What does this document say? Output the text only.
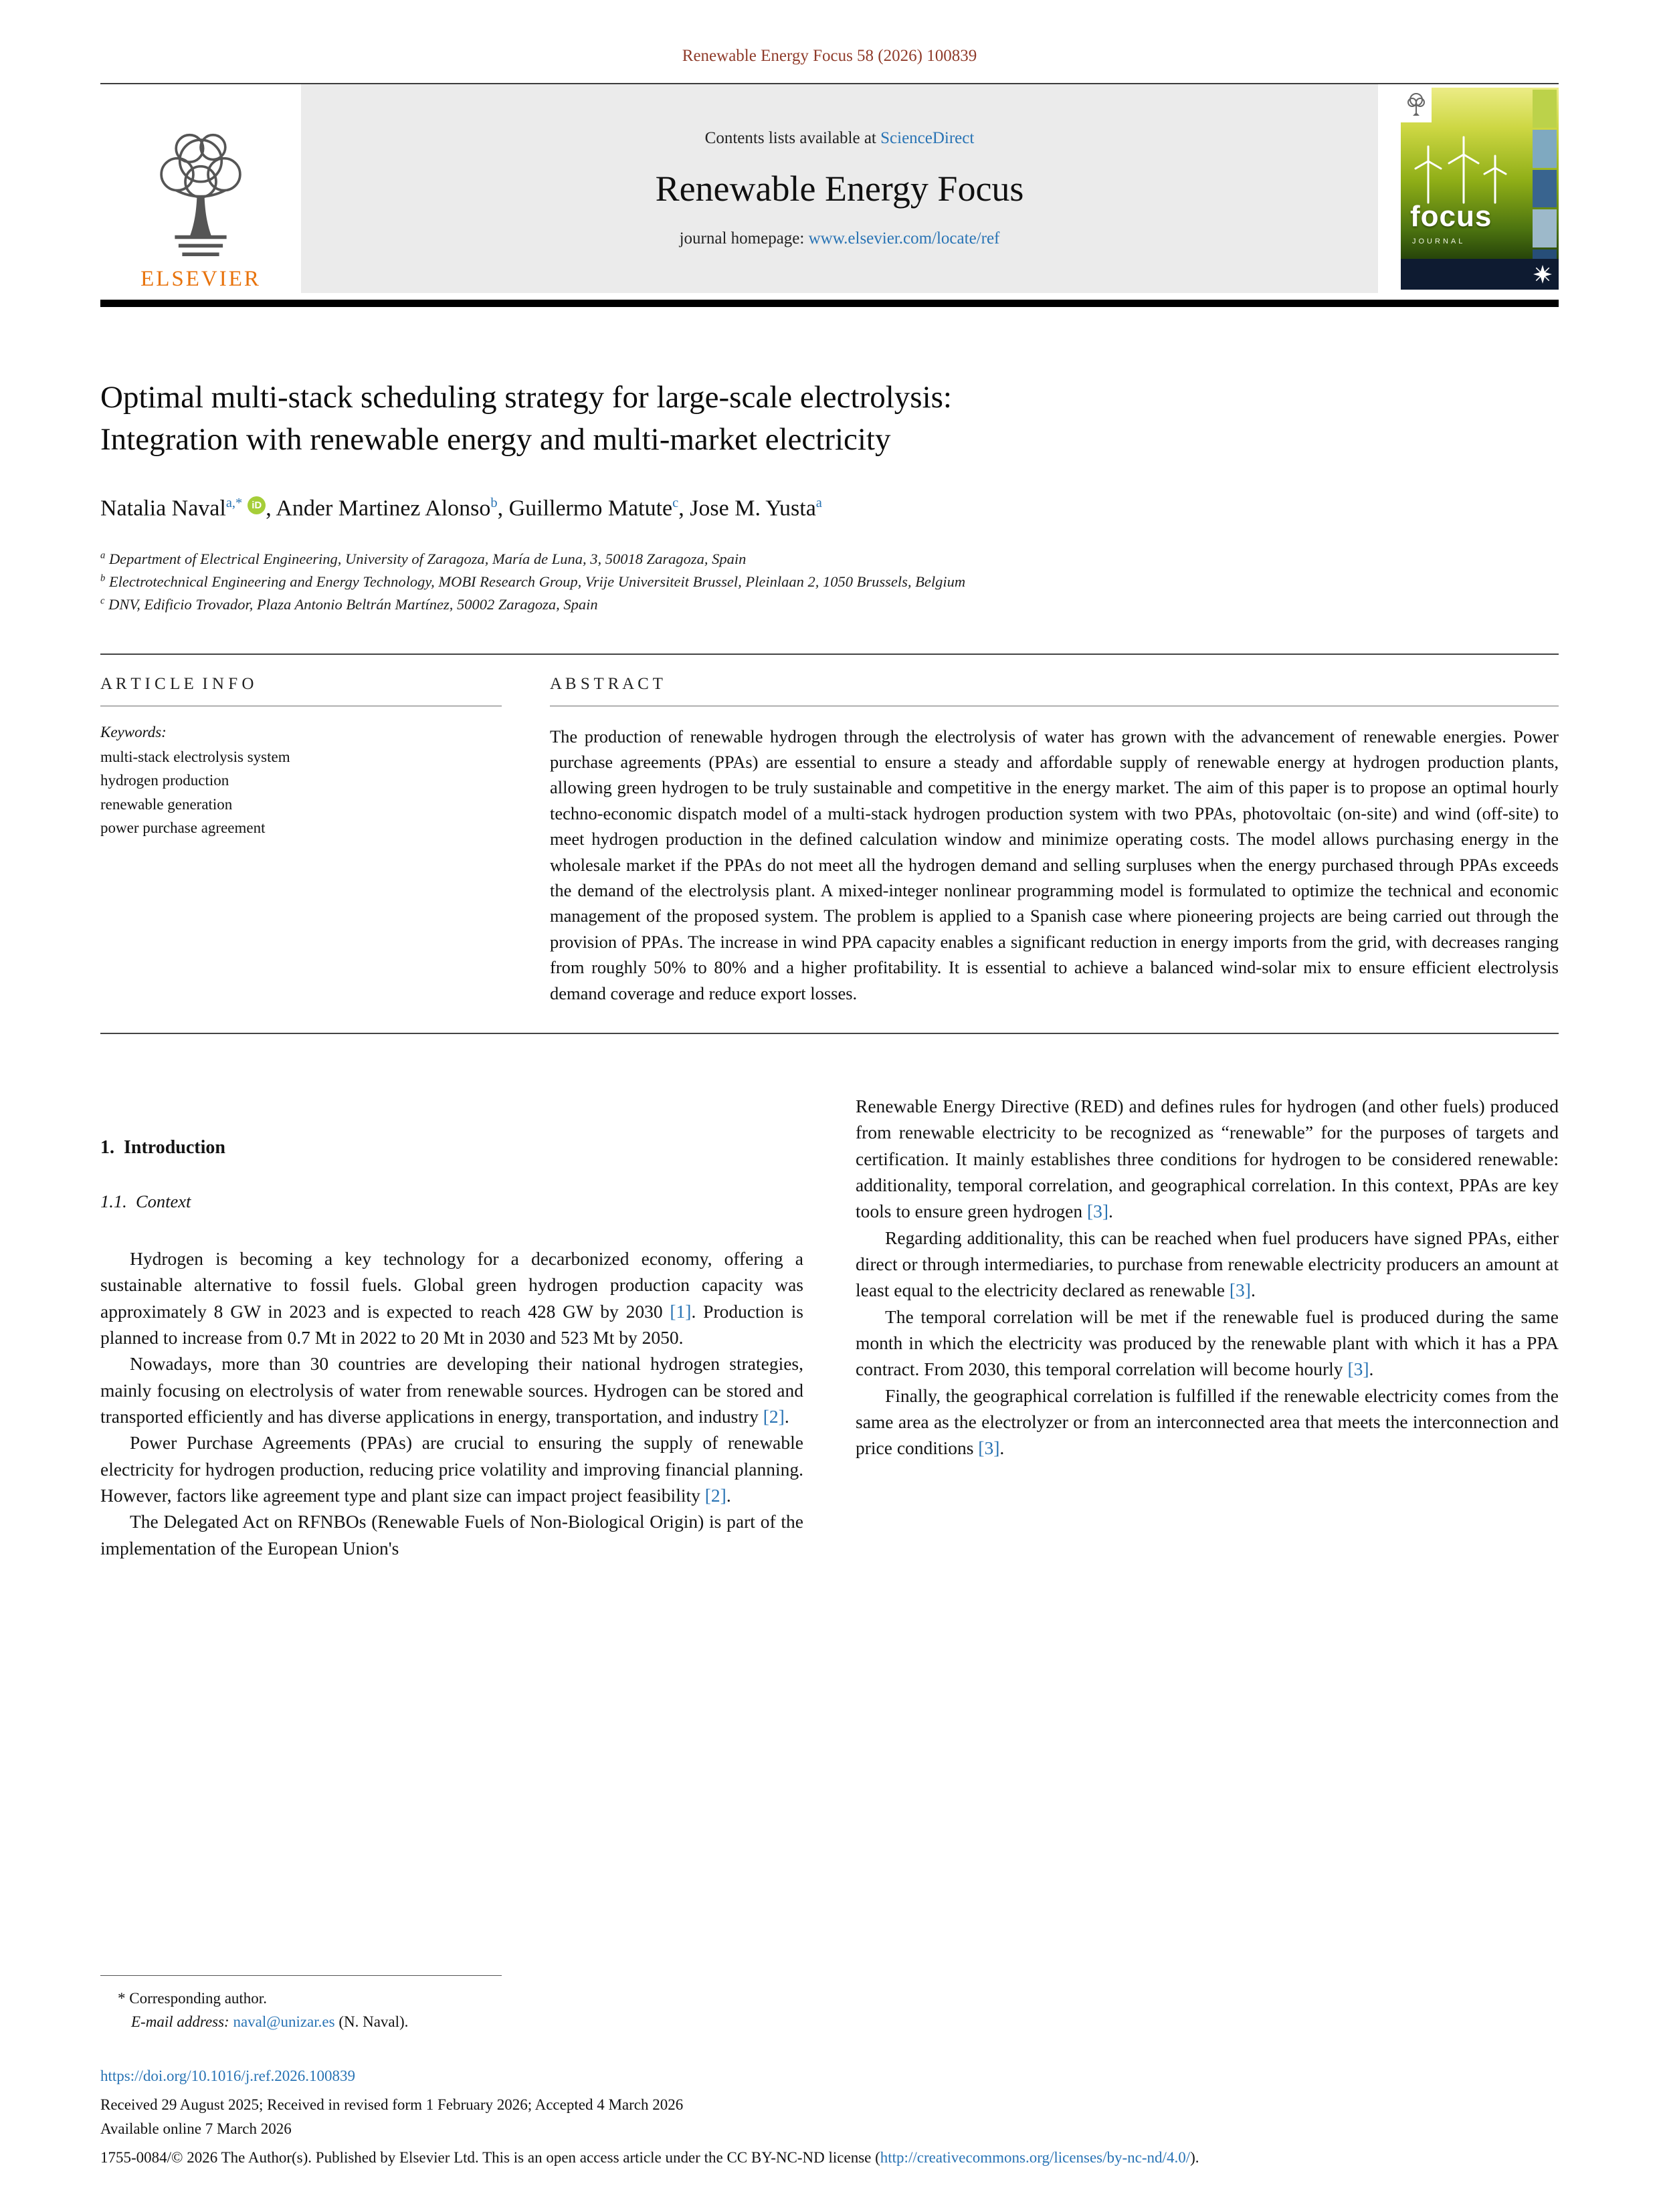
Renewable Energy Focus 58 (2026) 100839
ELSEVIER
Contents lists available at ScienceDirect
Renewable Energy Focus
journal homepage: www.elsevier.com/locate/ref
focus
JOURNAL
Optimal multi-stack scheduling strategy for large-scale electrolysis:
Integration with renewable energy and multi-market electricity
Natalia Naval$^{a,*}$ iD , Ander Martinez Alonso$^b$, Guillermo Matute$^c$, Jose M. Yusta$^a$
$^a$ Department of Electrical Engineering, University of Zaragoza, María de Luna, 3, 50018 Zaragoza, Spain
$^b$ Electrotechnical Engineering and Energy Technology, MOBI Research Group, Vrije Universiteit Brussel, Pleinlaan 2, 1050 Brussels, Belgium
$^c$ DNV, Edificio Trovador, Plaza Antonio Beltrán Martínez, 50002 Zaragoza, Spain
A R T I C L E  I N F O
Keywords:
multi-stack electrolysis system
hydrogen production
renewable generation
power purchase agreement
A B S T R A C T
The production of renewable hydrogen through the electrolysis of water has grown with the advancement of renewable energies. Power purchase agreements (PPAs) are essential to ensure a steady and affordable supply of renewable energy at hydrogen production plants, allowing green hydrogen to be truly sustainable and competitive in the energy market. The aim of this paper is to propose an optimal hourly techno-economic dispatch model of a multi-stack hydrogen production system with two PPAs, photovoltaic (on-site) and wind (off-site) to meet hydrogen production in the defined calculation window and minimize operating costs. The model allows purchasing energy in the wholesale market if the PPAs do not meet all the hydrogen demand and selling surpluses when the energy purchased through PPAs exceeds the demand of the electrolysis plant. A mixed-integer nonlinear programming model is formulated to optimize the technical and economic management of the proposed system. The problem is applied to a Spanish case where pioneering projects are being carried out through the provision of PPAs. The increase in wind PPA capacity enables a significant reduction in energy imports from the grid, with decreases ranging from roughly 50% to 80% and a higher profitability. It is essential to achieve a balanced wind-solar mix to ensure efficient electrolysis demand coverage and reduce export losses.
1.  Introduction
1.1.  Context

Hydrogen is becoming a key technology for a decarbonized economy, offering a sustainable alternative to fossil fuels. Global green hydrogen production capacity was approximately 8 GW in 2023 and is expected to reach 428 GW by 2030 [1]. Production is planned to increase from 0.7 Mt in 2022 to 20 Mt in 2030 and 523 Mt by 2050.

Nowadays, more than 30 countries are developing their national hydrogen strategies, mainly focusing on electrolysis of water from renewable sources. Hydrogen can be stored and transported efficiently and has diverse applications in energy, transportation, and industry [2].

Power Purchase Agreements (PPAs) are crucial to ensuring the supply of renewable electricity for hydrogen production, reducing price volatility and improving financial planning. However, factors like agreement type and plant size can impact project feasibility [2].

The Delegated Act on RFNBOs (Renewable Fuels of Non-Biological Origin) is part of the implementation of the European Union's

Renewable Energy Directive (RED) and defines rules for hydrogen (and other fuels) produced from renewable electricity to be recognized as “renewable” for the purposes of targets and certification. It mainly establishes three conditions for hydrogen to be considered renewable: additionality, temporal correlation, and geographical correlation. In this context, PPAs are key tools to ensure green hydrogen [3].

Regarding additionality, this can be reached when fuel producers have signed PPAs, either direct or through intermediaries, to purchase from renewable electricity producers an amount at least equal to the electricity declared as renewable [3].

The temporal correlation will be met if the renewable fuel is produced during the same month in which the electricity was produced by the renewable plant with which it has a PPA contract. From 2030, this temporal correlation will become hourly [3].

Finally, the geographical correlation is fulfilled if the renewable electricity comes from the same area as the electrolyzer or from an interconnected area that meets the interconnection and price conditions [3].

* Corresponding author.
E-mail address: naval@unizar.es (N. Naval).
https://doi.org/10.1016/j.ref.2026.100839
Received 29 August 2025; Received in revised form 1 February 2026; Accepted 4 March 2026
Available online 7 March 2026
1755-0084/© 2026 The Author(s). Published by Elsevier Ltd. This is an open access article under the CC BY-NC-ND license (http://creativecommons.org/licenses/by-nc-nd/4.0/).
